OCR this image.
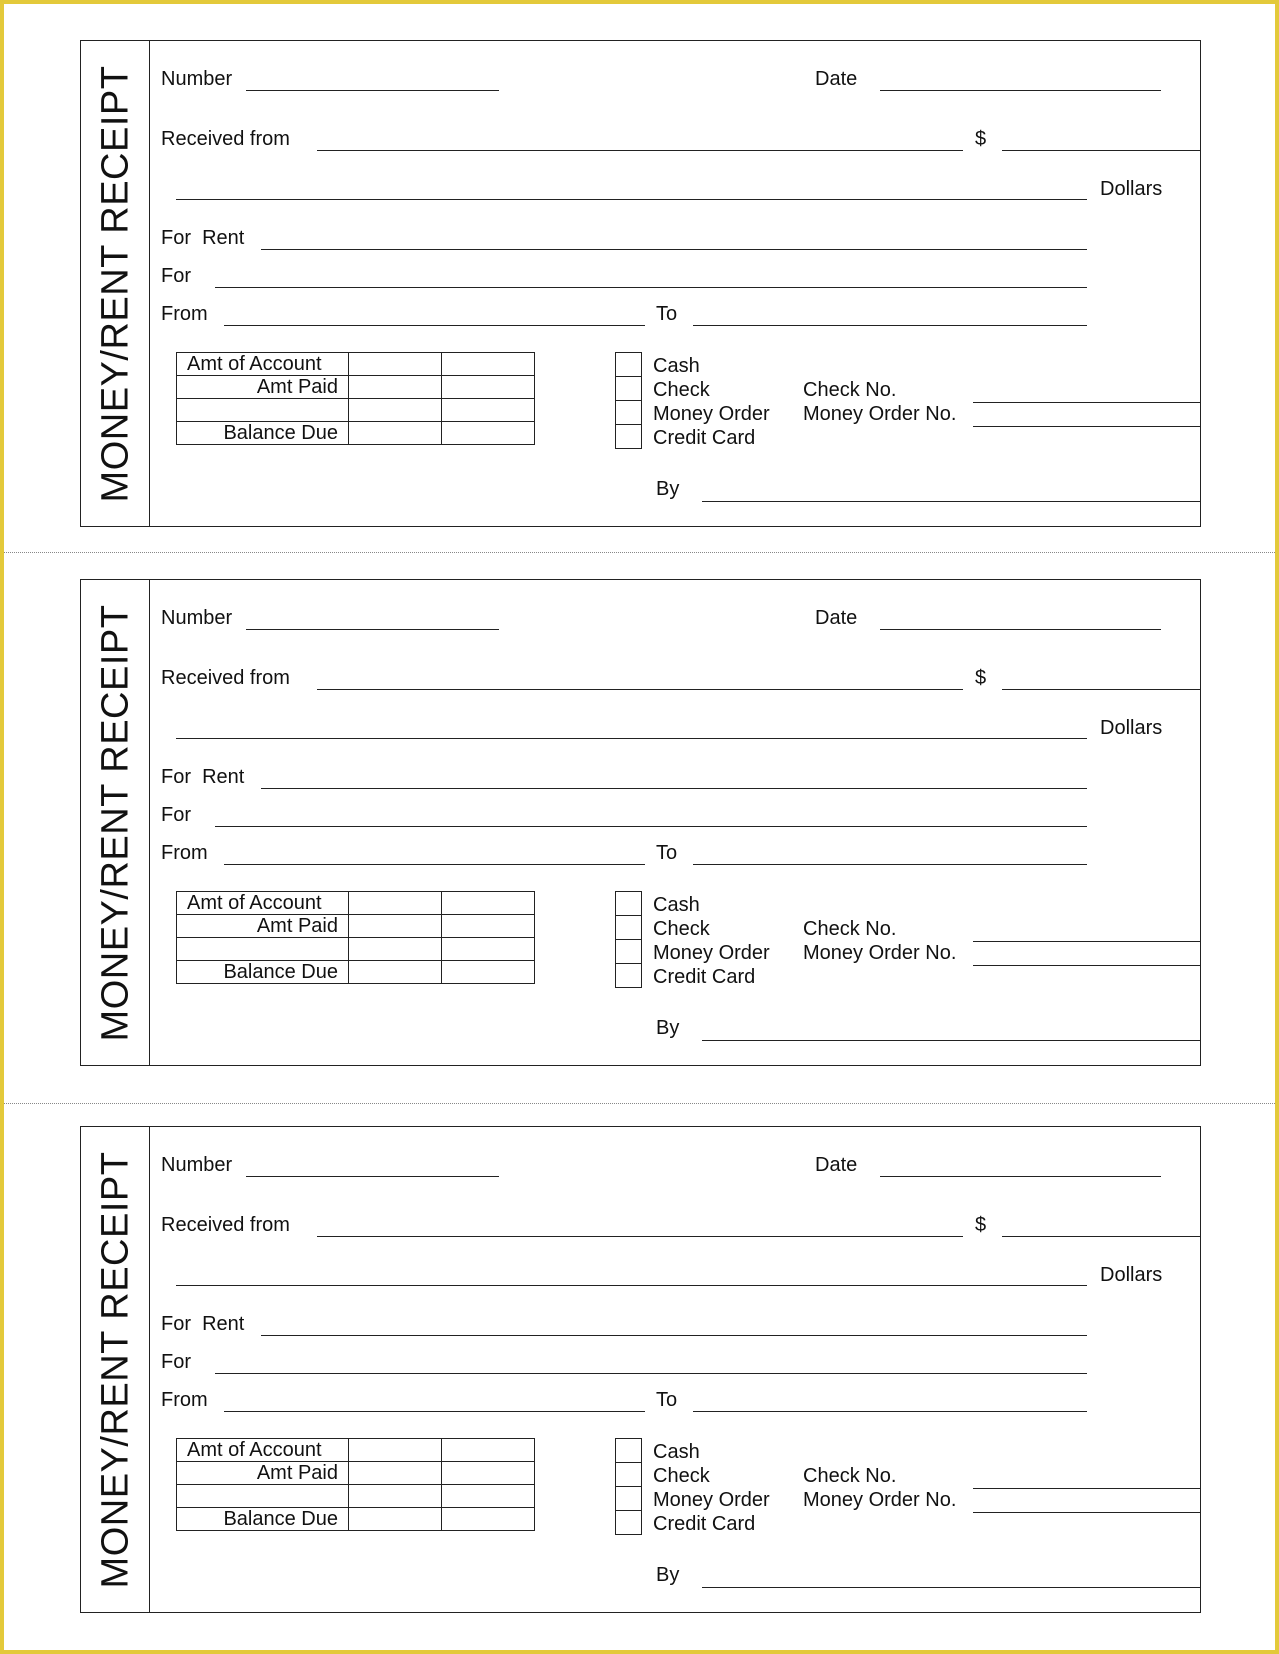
MONEY/RENT RECEIPT Number	Date
Received from	$
Dollars
For  Rent
For
From	To
Amt of Account		
Amt Paid		

Balance Due		

Cash
Check
Money Order
Credit Card
Check No.
Money Order No.
By
MONEY/RENT RECEIPT Number	Date
Received from	$
Dollars
For  Rent
For
From	To
Amt of Account		
Amt Paid		

Balance Due		

Cash
Check
Money Order
Credit Card
Check No.
Money Order No.
By
MONEY/RENT RECEIPT Number	Date
Received from	$
Dollars
For  Rent
For
From	To
Amt of Account		
Amt Paid		

Balance Due		

Cash
Check
Money Order
Credit Card
Check No.
Money Order No.
By
